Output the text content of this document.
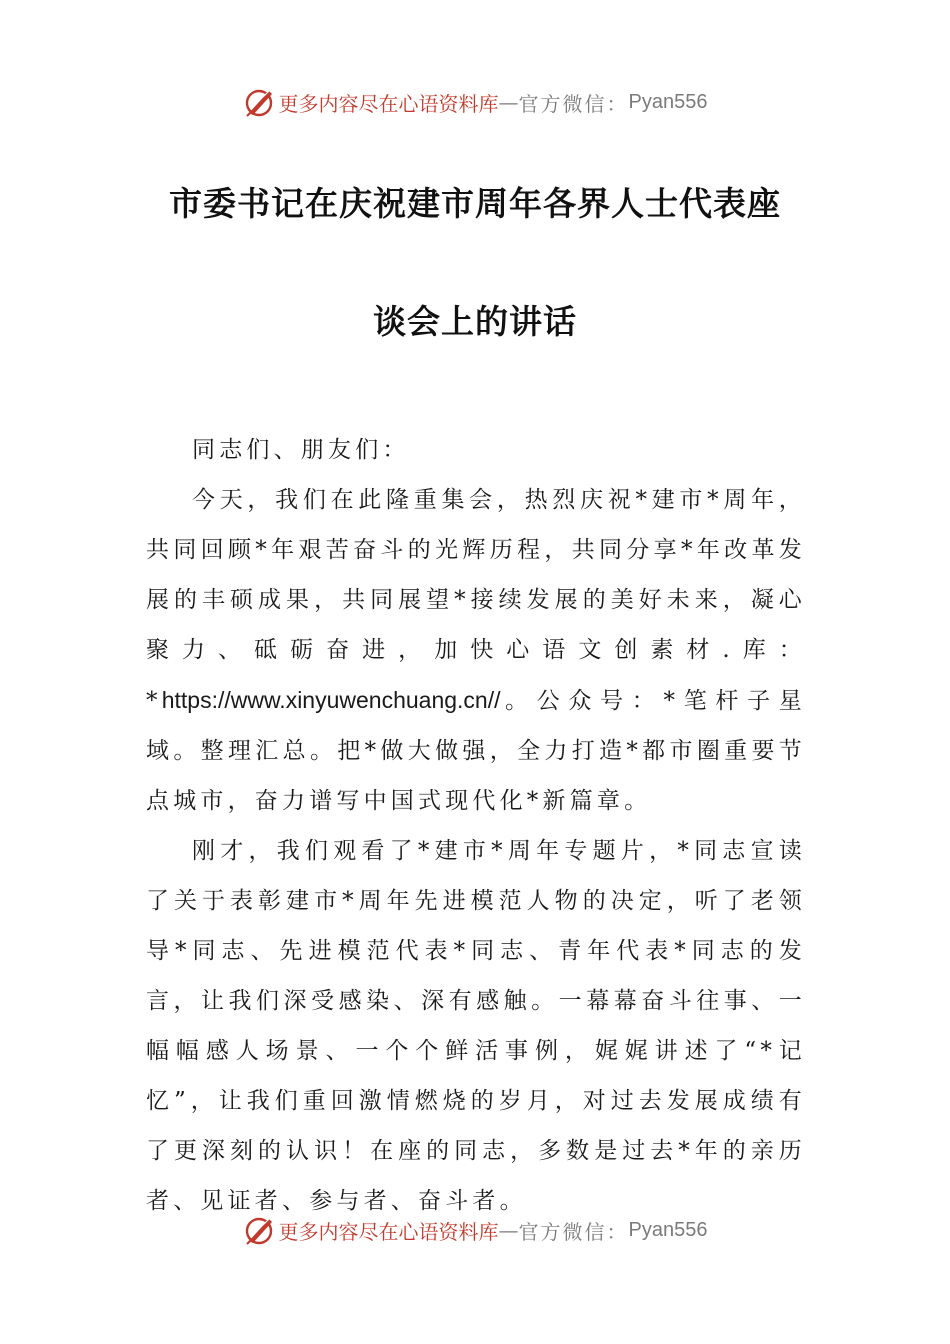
更多内容尽在心语资料库 — 官方微信： Pyan556
市委书记在庆祝建市周年各界人士代表座
谈会上的讲话

同志们、朋友们：

今天，我们在此隆重集会，热烈庆祝*建市*周年，共同回顾*年艰苦奋斗的光辉历程，共同分享*年改革发展的丰硕成果，共同展望*接续发展的美好未来，凝心聚力、砥砺奋进，加快心语文创素材.库：*https://www.xinyuwenchuang.cn//。公众号：*笔杆子星域。整理汇总。把*做大做强，全力打造*都市圈重要节点城市，奋力谱写中国式现代化*新篇章。

刚才，我们观看了*建市*周年专题片，*同志宣读了关于表彰建市*周年先进模范人物的决定，听了老领导*同志、先进模范代表*同志、青年代表*同志的发言，让我们深受感染、深有感触。一幕幕奋斗往事、一幅幅感人场景、一个个鲜活事例，娓娓讲述了“*记忆”，让我们重回激情燃烧的岁月，对过去发展成绩有了更深刻的认识！在座的同志，多数是过去*年的亲历者、见证者、参与者、奋斗者。

更多内容尽在心语资料库 — 官方微信： Pyan556
